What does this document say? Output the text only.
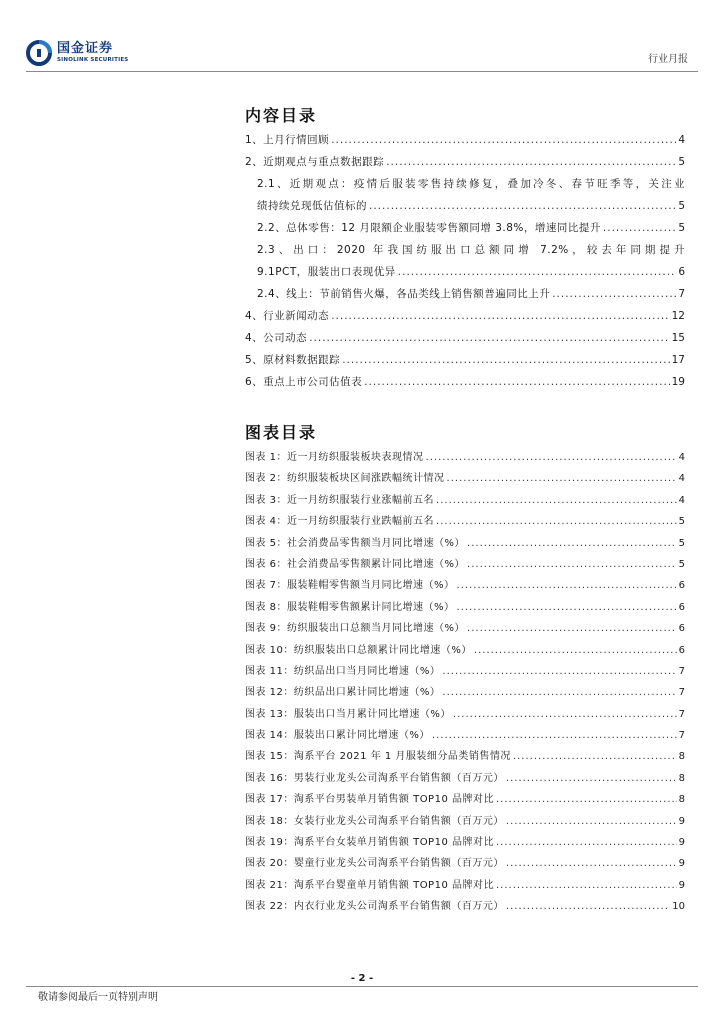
国金证券
SINOLINK SECURITIES	行业月报
内容目录
1、上月行情回顾 .....	4
2、近期观点与重点数据跟踪 .....	5
2.1、近期观点：疫情后服装零售持续修复，叠加冷冬、春节旺季等，关注业
绩持续兑现低估值标的 .....	5
2.2、总体零售：12 月限额企业服装零售额同增 3.8%，增速同比提升 .....	5
2.3、出口：2020 年我国纺服出口总额同增 7.2%，较去年同期提升
9.1PCT，服装出口表现优异 .....	6
2.4、线上：节前销售火爆，各品类线上销售额普遍同比上升 .....	7
4、行业新闻动态 .....	12
4、公司动态 .....	15
5、原材料数据跟踪 .....	17
6、重点上市公司估值表 .....	19
图表目录
图表 1：近一月纺织服装板块表现情况 .....	4
图表 2：纺织服装板块区间涨跌幅统计情况 .....	4
图表 3：近一月纺织服装行业涨幅前五名 .....	4
图表 4：近一月纺织服装行业跌幅前五名 .....	5
图表 5：社会消费品零售额当月同比增速（%） .....	5
图表 6：社会消费品零售额累计同比增速（%） .....	5
图表 7：服装鞋帽零售额当月同比增速（%） .....	6
图表 8：服装鞋帽零售额累计同比增速（%） .....	6
图表 9：纺织服装出口总额当月同比增速（%） .....	6
图表 10：纺织服装出口总额累计同比增速（%） .....	6
图表 11：纺织品出口当月同比增速（%） .....	7
图表 12：纺织品出口累计同比增速（%） .....	7
图表 13：服装出口当月累计同比增速（%） .....	7
图表 14：服装出口累计同比增速（%） .....	7
图表 15：淘系平台 2021 年 1 月服装细分品类销售情况 .....	8
图表 16：男装行业龙头公司淘系平台销售额（百万元） .....	8
图表 17：淘系平台男装单月销售额 TOP10 品牌对比 .....	8
图表 18：女装行业龙头公司淘系平台销售额（百万元） .....	9
图表 19：淘系平台女装单月销售额 TOP10 品牌对比 .....	9
图表 20：婴童行业龙头公司淘系平台销售额（百万元） .....	9
图表 21：淘系平台婴童单月销售额 TOP10 品牌对比 .....	9
图表 22：内衣行业龙头公司淘系平台销售额（百万元） .....	10
- 2 -
敬请参阅最后一页特别声明
